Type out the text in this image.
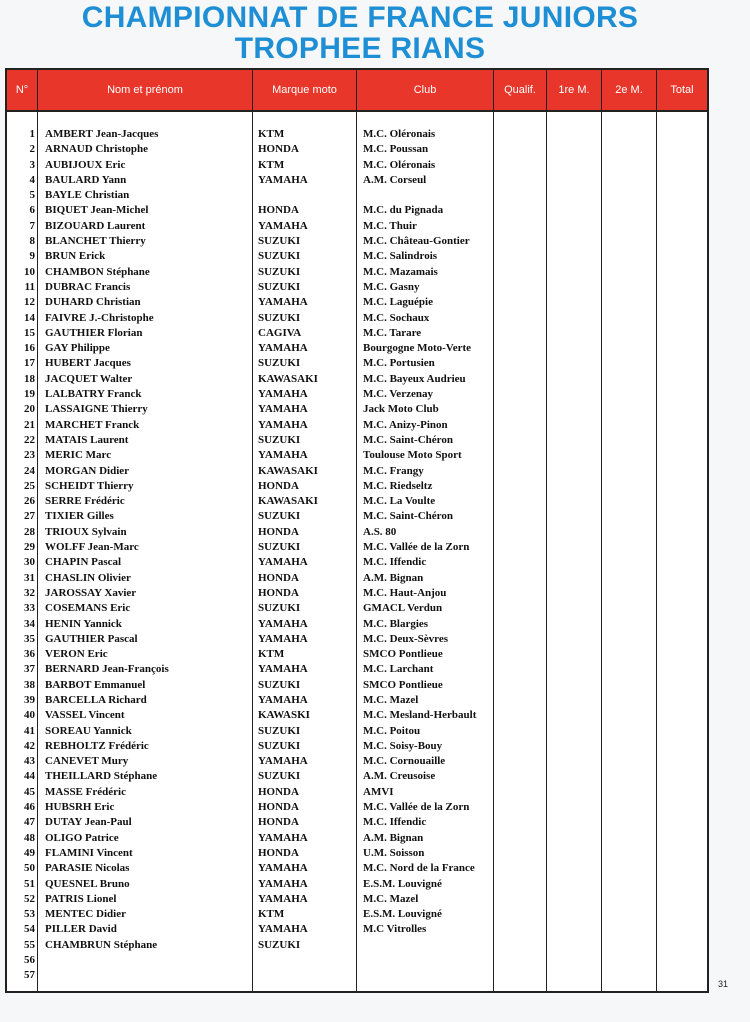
CHAMPIONNAT DE FRANCE JUNIORS
TROPHEE RIANS
N°	Nom et prénom	Marque moto	Club	Qualif.	1re M.	2e M.	Total
1 AMBERT Jean-Jacques	KTM	M.C. Oléronais
2 ARNAUD Christophe	HONDA	M.C. Poussan
3 AUBIJOUX Eric	KTM	M.C. Oléronais
4 BAULARD Yann	YAMAHA	A.M. Corseul
5 BAYLE Christian
6 BIQUET Jean-Michel	HONDA	M.C. du Pignada
7 BIZOUARD Laurent	YAMAHA	M.C. Thuir
8 BLANCHET Thierry	SUZUKI	M.C. Château-Gontier
9 BRUN Erick	SUZUKI	M.C. Salindrois
10 CHAMBON Stéphane	SUZUKI	M.C. Mazamais
11 DUBRAC Francis	SUZUKI	M.C. Gasny
12 DUHARD Christian	YAMAHA	M.C. Laguépie
14 FAIVRE J.-Christophe	SUZUKI	M.C. Sochaux
15 GAUTHIER Florian	CAGIVA	M.C. Tarare
16 GAY Philippe	YAMAHA	Bourgogne Moto-Verte
17 HUBERT Jacques	SUZUKI	M.C. Portusien
18 JACQUET Walter	KAWASAKI	M.C. Bayeux Audrieu
19 LALBATRY Franck	YAMAHA	M.C. Verzenay
20 LASSAIGNE Thierry	YAMAHA	Jack Moto Club
21 MARCHET Franck	YAMAHA	M.C. Anizy-Pinon
22 MATAIS Laurent	SUZUKI	M.C. Saint-Chéron
23 MERIC Marc	YAMAHA	Toulouse Moto Sport
24 MORGAN Didier	KAWASAKI	M.C. Frangy
25 SCHEIDT Thierry	HONDA	M.C. Riedseltz
26 SERRE Frédéric	KAWASAKI	M.C. La Voulte
27 TIXIER Gilles	SUZUKI	M.C. Saint-Chéron
28 TRIOUX Sylvain	HONDA	A.S. 80
29 WOLFF Jean-Marc	SUZUKI	M.C. Vallée de la Zorn
30 CHAPIN Pascal	YAMAHA	M.C. Iffendic
31 CHASLIN Olivier	HONDA	A.M. Bignan
32 JAROSSAY Xavier	HONDA	M.C. Haut-Anjou
33 COSEMANS Eric	SUZUKI	GMACL Verdun
34 HENIN Yannick	YAMAHA	M.C. Blargies
35 GAUTHIER Pascal	YAMAHA	M.C. Deux-Sèvres
36 VERON Eric	KTM	SMCO Pontlieue
37 BERNARD Jean-François	YAMAHA	M.C. Larchant
38 BARBOT Emmanuel	SUZUKI	SMCO Pontlieue
39 BARCELLA Richard	YAMAHA	M.C. Mazel
40 VASSEL Vincent	KAWASKI	M.C. Mesland-Herbault
41 SOREAU Yannick	SUZUKI	M.C. Poitou
42 REBHOLTZ Frédéric	SUZUKI	M.C. Soisy-Bouy
43 CANEVET Mury	YAMAHA	M.C. Cornouaille
44 THEILLARD Stéphane	SUZUKI	A.M. Creusoise
45 MASSE Frédéric	HONDA	AMVI
46 HUBSRH Eric	HONDA	M.C. Vallée de la Zorn
47 DUTAY Jean-Paul	HONDA	M.C. Iffendic
48 OLIGO Patrice	YAMAHA	A.M. Bignan
49 FLAMINI Vincent	HONDA	U.M. Soisson
50 PARASIE Nicolas	YAMAHA	M.C. Nord de la France
51 QUESNEL Bruno	YAMAHA	E.S.M. Louvigné
52 PATRIS Lionel	YAMAHA	M.C. Mazel
53 MENTEC Didier	KTM	E.S.M. Louvigné
54 PILLER David	YAMAHA	M.C Vitrolles
55 CHAMBRUN Stéphane	SUZUKI
56
57
31
